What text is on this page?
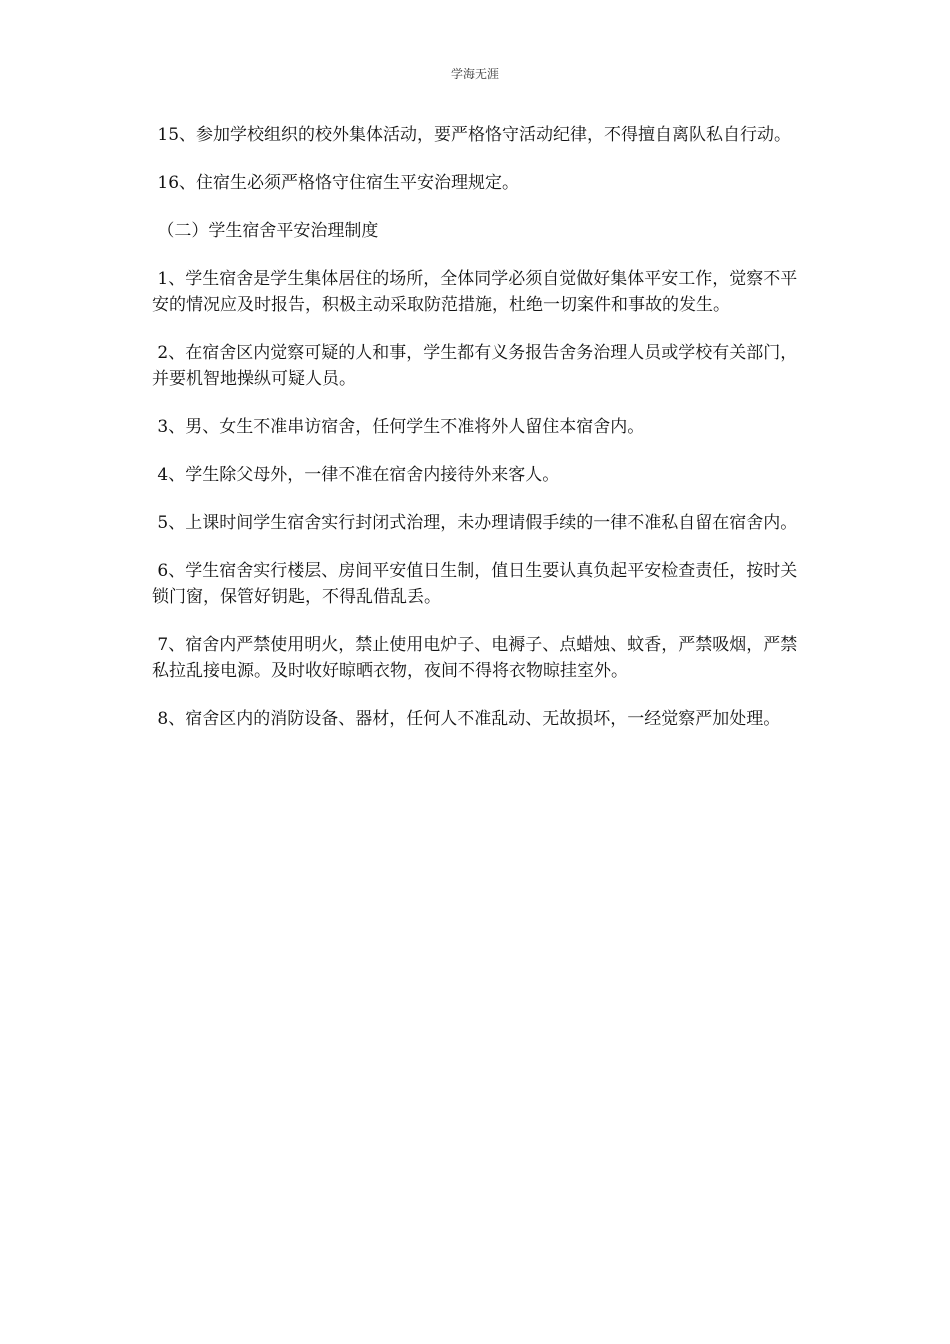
学海无涯

15、参加学校组织的校外集体活动，要严格恪守活动纪律，不得擅自离队私自行动。

16、住宿生必须严格恪守住宿生平安治理规定。

（二）学生宿舍平安治理制度

1、学生宿舍是学生集体居住的场所，全体同学必须自觉做好集体平安工作，觉察不平安的情况应及时报告，积极主动采取防范措施，杜绝一切案件和事故的发生。

2、在宿舍区内觉察可疑的人和事，学生都有义务报告舍务治理人员或学校有关部门，并要机智地操纵可疑人员。

3、男、女生不准串访宿舍，任何学生不准将外人留住本宿舍内。

4、学生除父母外，一律不准在宿舍内接待外来客人。

5、上课时间学生宿舍实行封闭式治理，未办理请假手续的一律不准私自留在宿舍内。

6、学生宿舍实行楼层、房间平安值日生制，值日生要认真负起平安检查责任，按时关锁门窗，保管好钥匙，不得乱借乱丢。

7、宿舍内严禁使用明火，禁止使用电炉子、电褥子、点蜡烛、蚊香，严禁吸烟，严禁私拉乱接电源。及时收好晾晒衣物，夜间不得将衣物晾挂室外。

8、宿舍区内的消防设备、器材，任何人不准乱动、无故损坏，一经觉察严加处理。
